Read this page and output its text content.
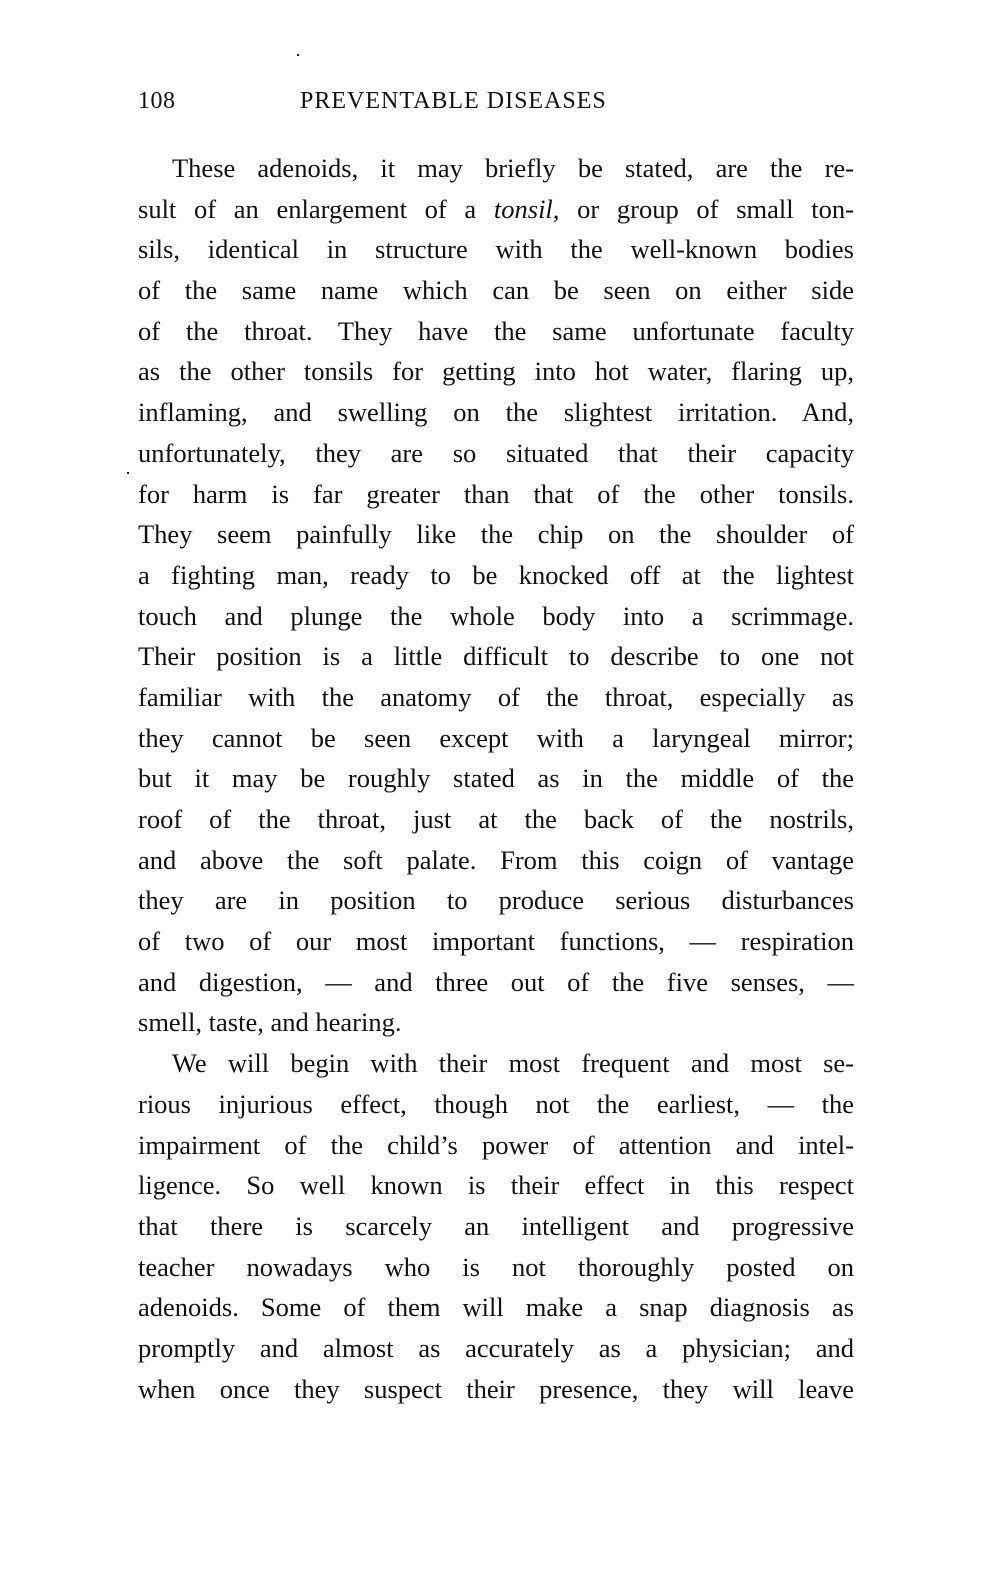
108	PREVENTABLE DISEASES
These adenoids, it may briefly be stated, are the re-
sult of an enlargement of a tonsil, or group of small ton-
sils, identical in structure with the well-known bodies
of the same name which can be seen on either side
of the throat. They have the same unfortunate faculty
as the other tonsils for getting into hot water, flaring up,
inflaming, and swelling on the slightest irritation. And,
unfortunately, they are so situated that their capacity
for harm is far greater than that of the other tonsils.
They seem painfully like the chip on the shoulder of
a fighting man, ready to be knocked off at the lightest
touch and plunge the whole body into a scrimmage.
Their position is a little difficult to describe to one not
familiar with the anatomy of the throat, especially as
they cannot be seen except with a laryngeal mirror;
but it may be roughly stated as in the middle of the
roof of the throat, just at the back of the nostrils,
and above the soft palate. From this coign of vantage
they are in position to produce serious disturbances
of two of our most important functions, — respiration
and digestion, — and three out of the five senses, —
smell, taste, and hearing.
We will begin with their most frequent and most se-
rious injurious effect, though not the earliest, — the
impairment of the child’s power of attention and intel-
ligence. So well known is their effect in this respect
that there is scarcely an intelligent and progressive
teacher nowadays who is not thoroughly posted on
adenoids. Some of them will make a snap diagnosis as
promptly and almost as accurately as a physician; and
when once they suspect their presence, they will leave
